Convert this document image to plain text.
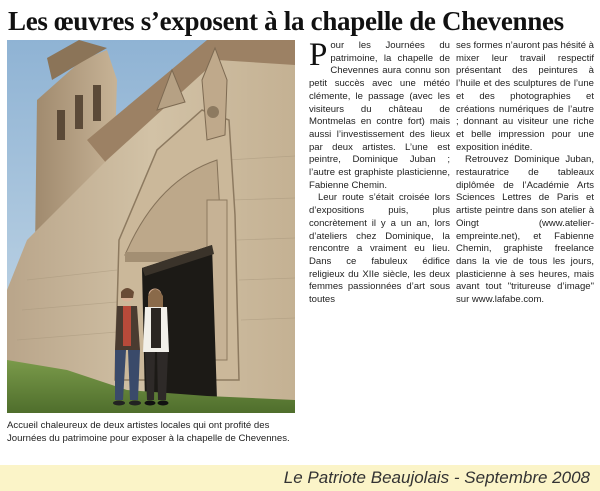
Les œuvres s’exposent à la chapelle de Chevennes
Accueil chaleureux de deux artistes locales qui ont profité des Journées du patrimoine pour exposer à la chapelle de Chevennes.

Pour les Journées du patrimoine, la chapelle de Chevennes aura connu son petit succès avec une météo clémente, le passage (avec les visiteurs du château de Montmelas en contre fort) mais aussi l’investissement des lieux par deux artistes. L’une est peintre, Dominique Juban ; l’autre est graphiste plasticienne, Fabienne Chemin.

Leur route s’était croisée lors d’expositions puis, plus concrètement il y a un an, lors d’ateliers chez Dominique, la rencontre a vraiment eu lieu. Dans ce fabuleux édifice religieux du XIIe siècle, les deux femmes passionnées d’art sous toutes

ses formes n’auront pas hésité à mixer leur travail respectif présentant des peintures à l’huile et des sculptures de l’une et des photographies et créations numériques de l’autre ; donnant au visiteur une riche et belle impression pour une exposition inédite.

Retrouvez Dominique Juban, restauratrice de tableaux diplômée de l’Académie Arts Sciences Lettres de Paris et artiste peintre dans son atelier à Oingt (www.atelier-empreinte.net), et Fabienne Chemin, graphiste freelance dans la vie de tous les jours, plasticienne à ses heures, mais avant tout "tritureuse d’image" sur www.lafabe.com.

Le Patriote Beaujolais - Septembre 2008
